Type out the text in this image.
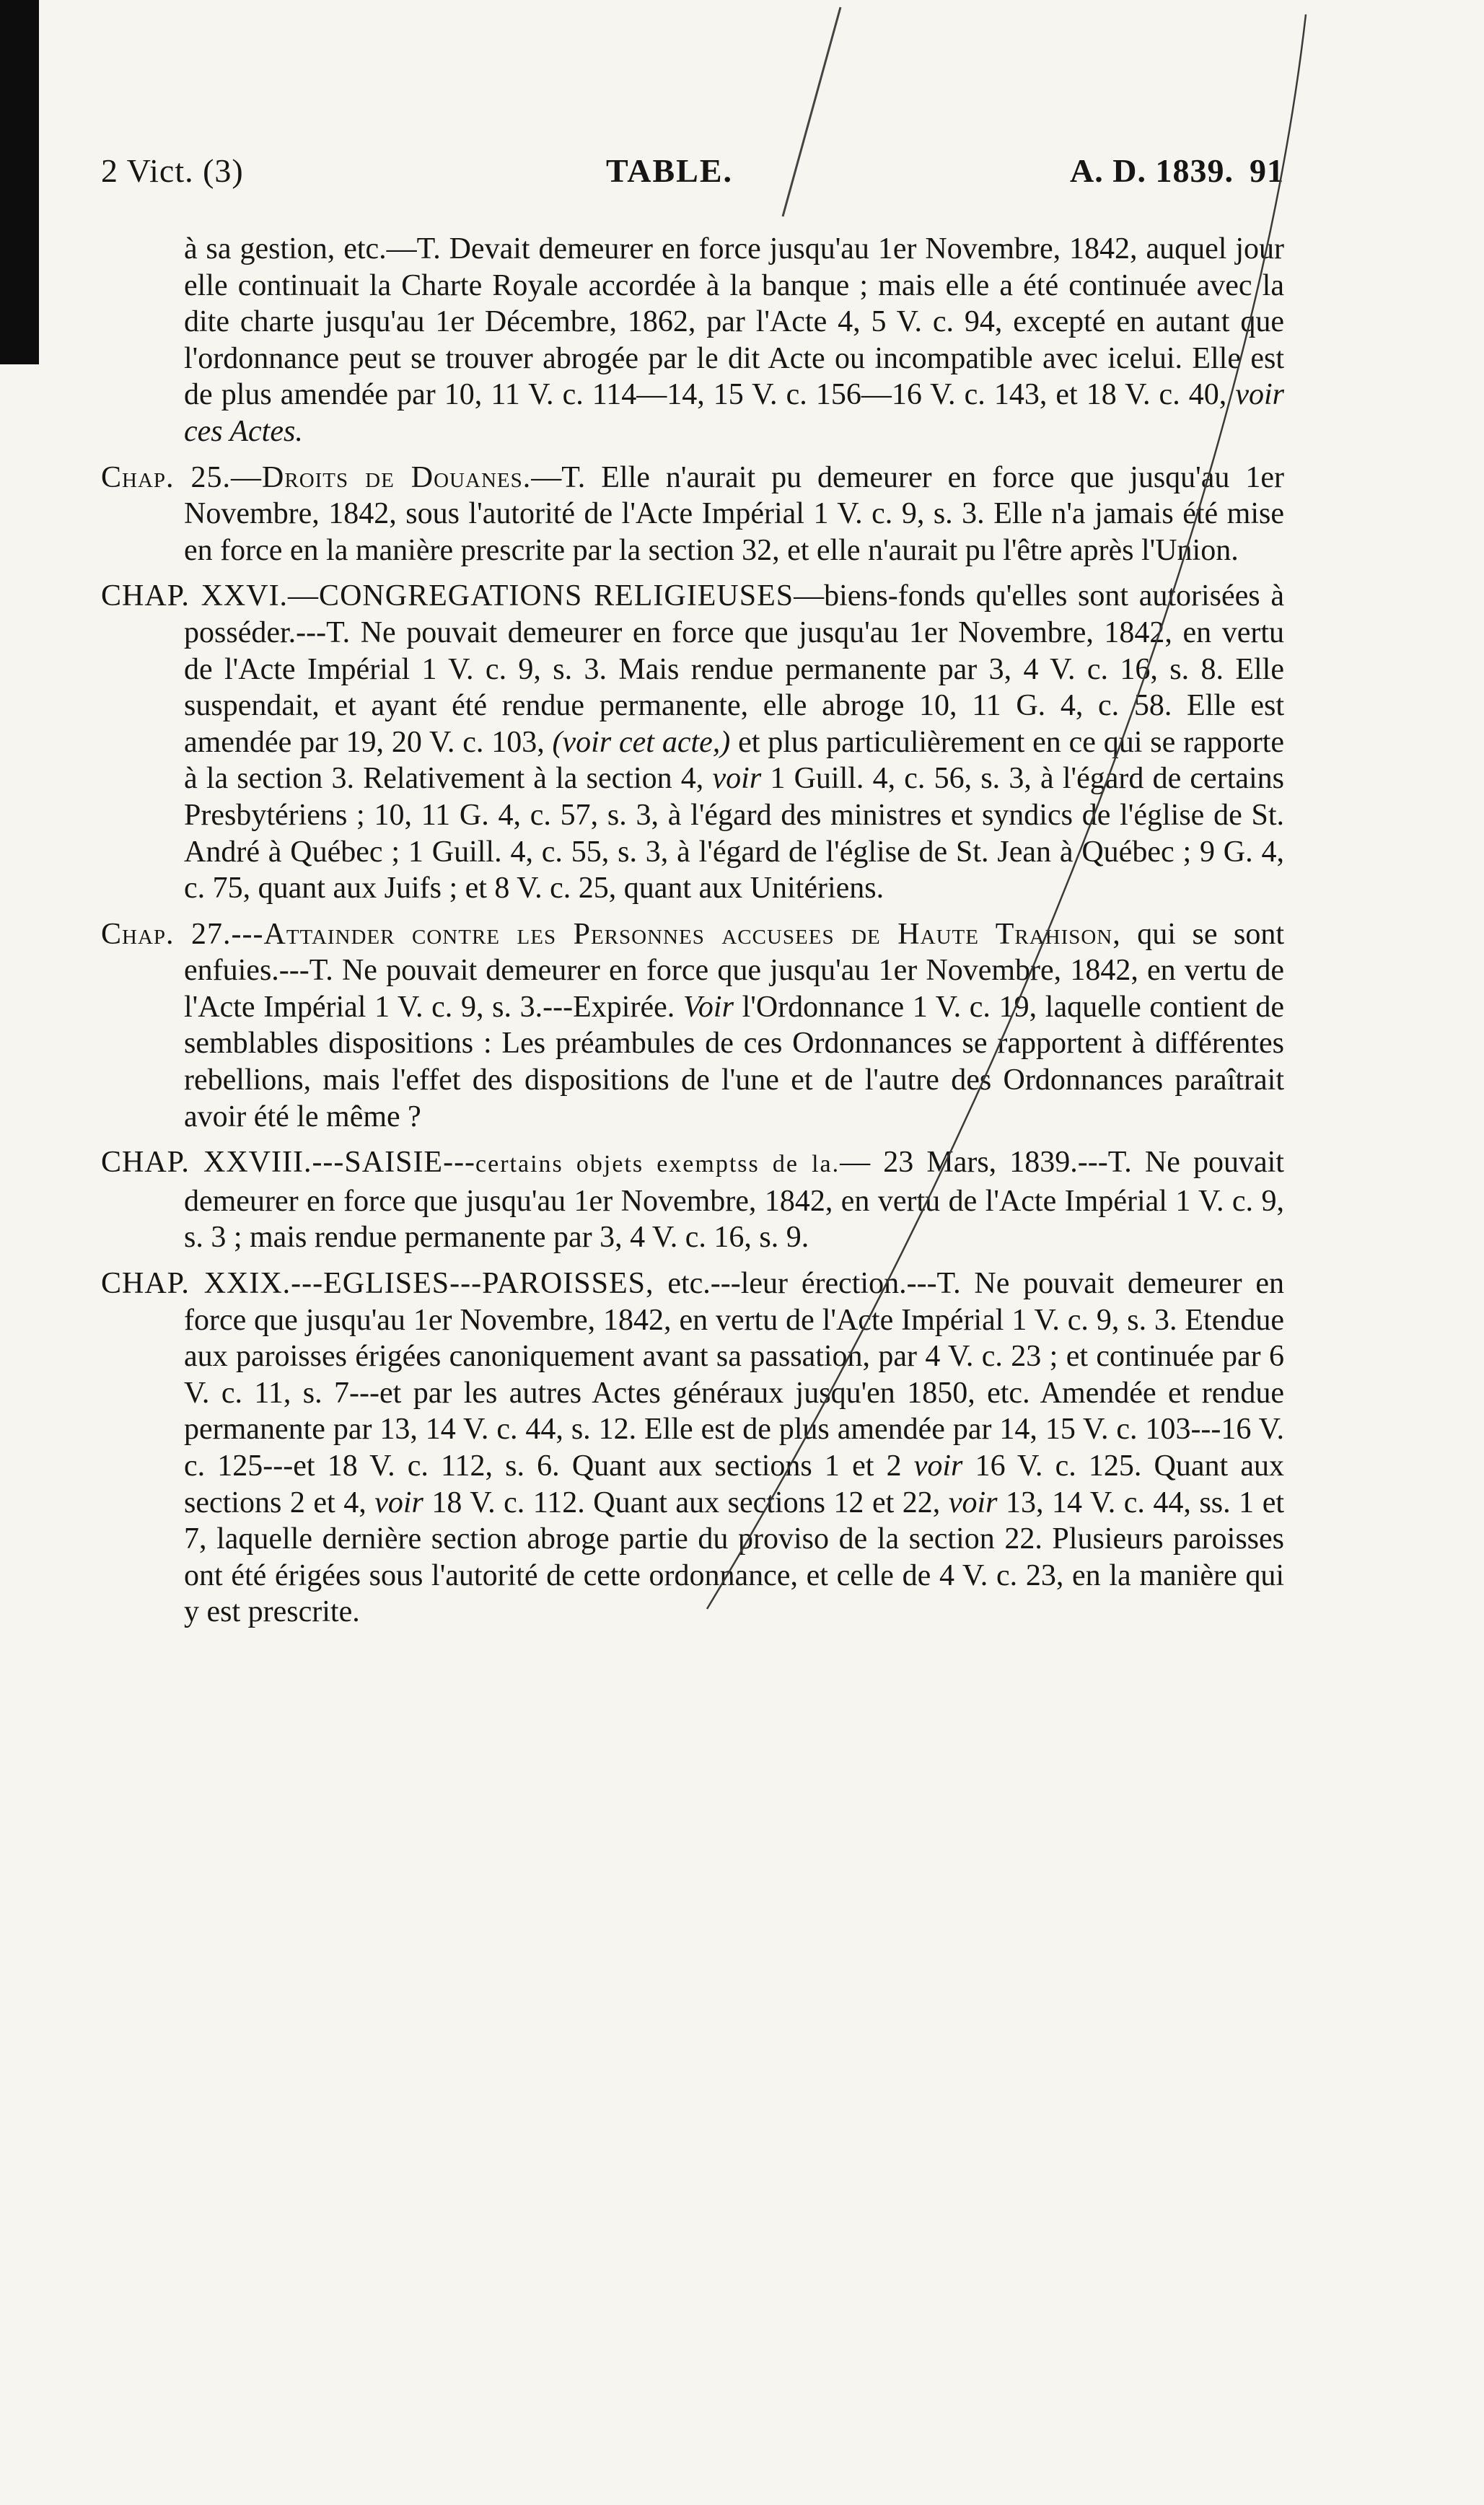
2 Vict. (3)	TABLE.	A. D. 1839. 91

à sa gestion, etc.—T. Devait demeurer en force jusqu'au 1er Novembre, 1842, auquel jour elle continuait la Charte Royale accordée à la banque ; mais elle a été continuée avec la dite charte jusqu'au 1er Décembre, 1862, par l'Acte 4, 5 V. c. 94, excepté en autant que l'ordonnance peut se trouver abrogée par le dit Acte ou incompatible avec icelui. Elle est de plus amendée par 10, 11 V. c. 114—14, 15 V. c. 156—16 V. c. 143, et 18 V. c. 40, voir ces Actes.

Chap. 25.—Droits de Douanes.—T. Elle n'aurait pu demeurer en force que jusqu'au 1er Novembre, 1842, sous l'autorité de l'Acte Impérial 1 V. c. 9, s. 3. Elle n'a jamais été mise en force en la manière prescrite par la section 32, et elle n'aurait pu l'être après l'Union.

CHAP. XXVI.—CONGREGATIONS RELIGIEUSES—biens-fonds qu'elles sont autorisées à posséder.---T. Ne pouvait demeurer en force que jusqu'au 1er Novembre, 1842, en vertu de l'Acte Impérial 1 V. c. 9, s. 3. Mais rendue permanente par 3, 4 V. c. 16, s. 8. Elle suspendait, et ayant été rendue permanente, elle abroge 10, 11 G. 4, c. 58. Elle est amendée par 19, 20 V. c. 103, (voir cet acte,) et plus particulièrement en ce qui se rapporte à la section 3. Relativement à la section 4, voir 1 Guill. 4, c. 56, s. 3, à l'égard de certains Presbytériens ; 10, 11 G. 4, c. 57, s. 3, à l'égard des ministres et syndics de l'église de St. André à Québec ; 1 Guill. 4, c. 55, s. 3, à l'égard de l'église de St. Jean à Québec ; 9 G. 4, c. 75, quant aux Juifs ; et 8 V. c. 25, quant aux Unitériens.

Chap. 27.---Attainder contre les Personnes accusees de Haute Trahison, qui se sont enfuies.---T. Ne pouvait demeurer en force que jusqu'au 1er Novembre, 1842, en vertu de l'Acte Impérial 1 V. c. 9, s. 3.---Expirée. Voir l'Ordonnance 1 V. c. 19, laquelle contient de semblables dispositions : Les préambules de ces Ordonnances se rapportent à différentes rebellions, mais l'effet des dispositions de l'une et de l'autre des Ordonnances paraîtrait avoir été le même ?

CHAP. XXVIII.---SAISIE---certains objets exemptss de la.— 23 Mars, 1839.---T. Ne pouvait demeurer en force que jusqu'au 1er Novembre, 1842, en vertu de l'Acte Impérial 1 V. c. 9, s. 3 ; mais rendue permanente par 3, 4 V. c. 16, s. 9.

CHAP. XXIX.---EGLISES---PAROISSES, etc.---leur érection.---T. Ne pouvait demeurer en force que jusqu'au 1er Novembre, 1842, en vertu de l'Acte Impérial 1 V. c. 9, s. 3. Etendue aux paroisses érigées canoniquement avant sa passation, par 4 V. c. 23 ; et continuée par 6 V. c. 11, s. 7---et par les autres Actes généraux jusqu'en 1850, etc. Amendée et rendue permanente par 13, 14 V. c. 44, s. 12. Elle est de plus amendée par 14, 15 V. c. 103---16 V. c. 125---et 18 V. c. 112, s. 6. Quant aux sections 1 et 2 voir 16 V. c. 125. Quant aux sections 2 et 4, voir 18 V. c. 112. Quant aux sections 12 et 22, voir 13, 14 V. c. 44, ss. 1 et 7, laquelle dernière section abroge partie du proviso de la section 22. Plusieurs paroisses ont été érigées sous l'autorité de cette ordonnance, et celle de 4 V. c. 23, en la manière qui y est prescrite.
